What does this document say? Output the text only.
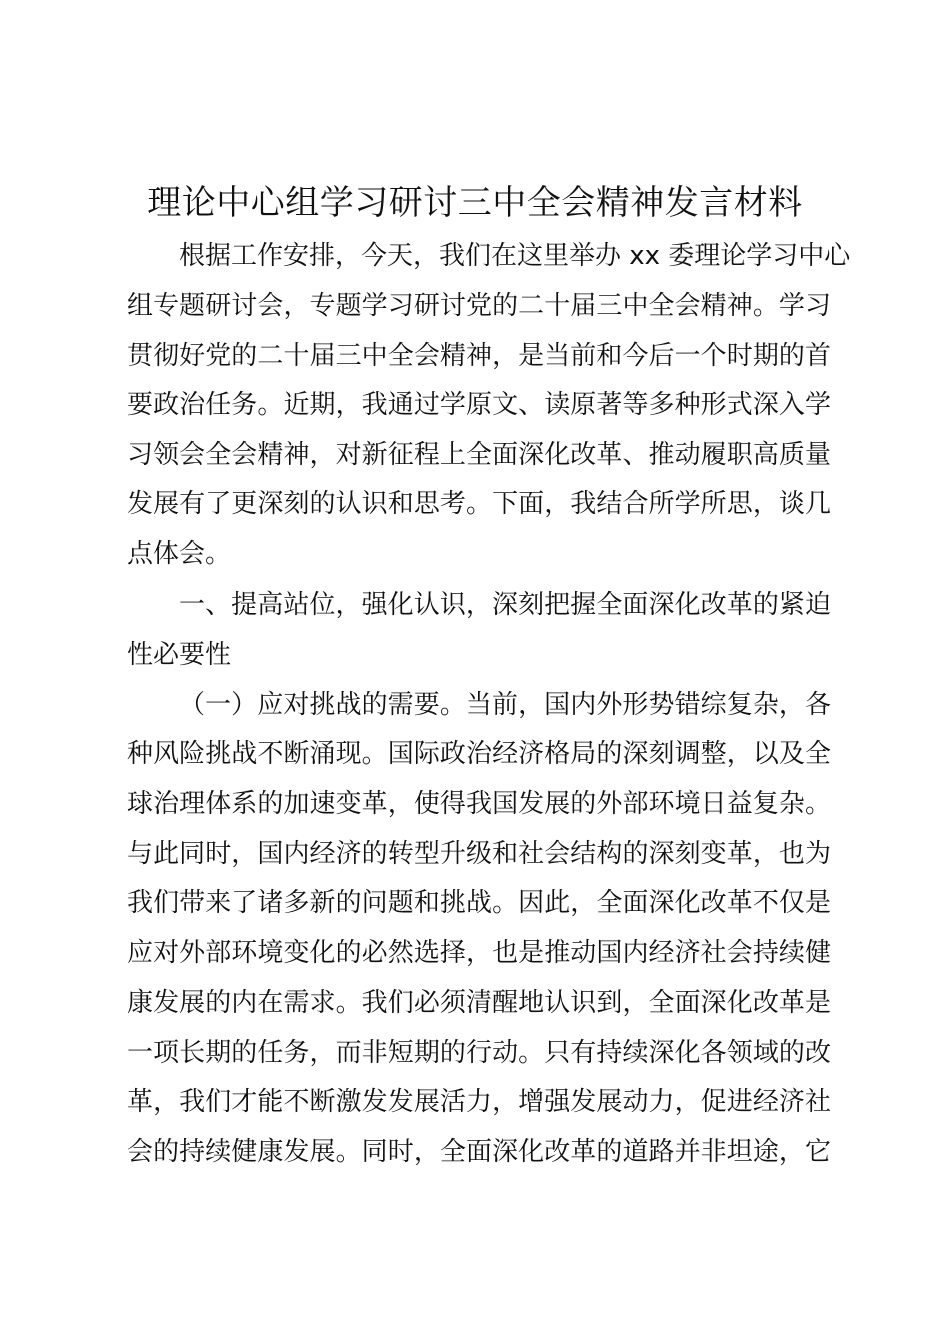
理论中心组学习研讨三中全会精神发言材料
根据工作安排，今天，我们在这里举办 xx 委理论学习中心
组专题研讨会，专题学习研讨党的二十届三中全会精神。学习
贯彻好党的二十届三中全会精神，是当前和今后一个时期的首
要政治任务。近期，我通过学原文、读原著等多种形式深入学
习领会全会精神，对新征程上全面深化改革、推动履职高质量
发展有了更深刻的认识和思考。下面，我结合所学所思，谈几
点体会。
一、提高站位，强化认识，深刻把握全面深化改革的紧迫
性必要性
（一）应对挑战的需要。当前，国内外形势错综复杂，各
种风险挑战不断涌现。国际政治经济格局的深刻调整，以及全
球治理体系的加速变革，使得我国发展的外部环境日益复杂。
与此同时，国内经济的转型升级和社会结构的深刻变革，也为
我们带来了诸多新的问题和挑战。因此，全面深化改革不仅是
应对外部环境变化的必然选择，也是推动国内经济社会持续健
康发展的内在需求。我们必须清醒地认识到，全面深化改革是
一项长期的任务，而非短期的行动。只有持续深化各领域的改
革，我们才能不断激发发展活力，增强发展动力，促进经济社
会的持续健康发展。同时，全面深化改革的道路并非坦途，它
